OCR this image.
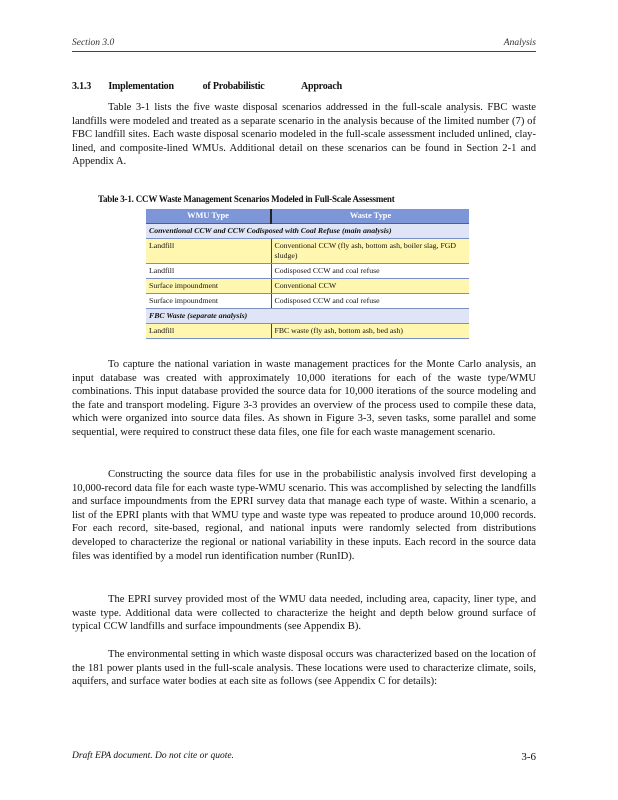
Section 3.0	Analysis
3.1.3 Implementation	of Probabilistic	Approach

Table 3-1 lists the five waste disposal scenarios addressed in the full-scale analysis. FBC waste landfills were modeled and treated as a separate scenario in the analysis because of the limited number (7) of FBC landfill sites. Each waste disposal scenario modeled in the full-scale assessment included unlined, clay-lined, and composite-lined WMUs. Additional detail on these scenarios can be found in Section 2-1 and Appendix A.

Table 3-1. CCW Waste Management Scenarios Modeled in Full-Scale Assessment
WMU Type	Waste Type
Conventional CCW and CCW Codisposed with Coal Refuse (main analysis)	
Landfill	Conventional CCW (fly ash, bottom ash, boiler slag, FGD sludge)
Landfill	Codisposed CCW and coal refuse
Surface impoundment	Conventional CCW
Surface impoundment	Codisposed CCW and coal refuse
FBC Waste (separate analysis)	
Landfill	FBC waste (fly ash, bottom ash, bed ash)

To capture the national variation in waste management practices for the Monte Carlo analysis, an input database was created with approximately 10,000 iterations for each of the waste type/WMU combinations. This input database provided the source data for 10,000 iterations of the source modeling and the fate and transport modeling. Figure 3-3 provides an overview of the process used to compile these data, which were organized into source data files. As shown in Figure 3-3, seven tasks, some parallel and some sequential, were required to construct these data files, one file for each waste management scenario.

Constructing the source data files for use in the probabilistic analysis involved first developing a 10,000-record data file for each waste type-WMU scenario. This was accomplished by selecting the landfills and surface impoundments from the EPRI survey data that manage each type of waste. Within a scenario, a list of the EPRI plants with that WMU type and waste type was repeated to produce around 10,000 records. For each record, site-based, regional, and national inputs were randomly selected from distributions developed to characterize the regional or national variability in these inputs. Each record in the source data files was identified by a model run identification number (RunID).

The EPRI survey provided most of the WMU data needed, including area, capacity, liner type, and waste type. Additional data were collected to characterize the height and depth below ground surface of typical CCW landfills and surface impoundments (see Appendix B).

The environmental setting in which waste disposal occurs was characterized based on the location of the 181 power plants used in the full-scale analysis. These locations were used to characterize climate, soils, aquifers, and surface water bodies at each site as follows (see Appendix C for details):

Draft EPA document. Do not cite or quote.	3-6
